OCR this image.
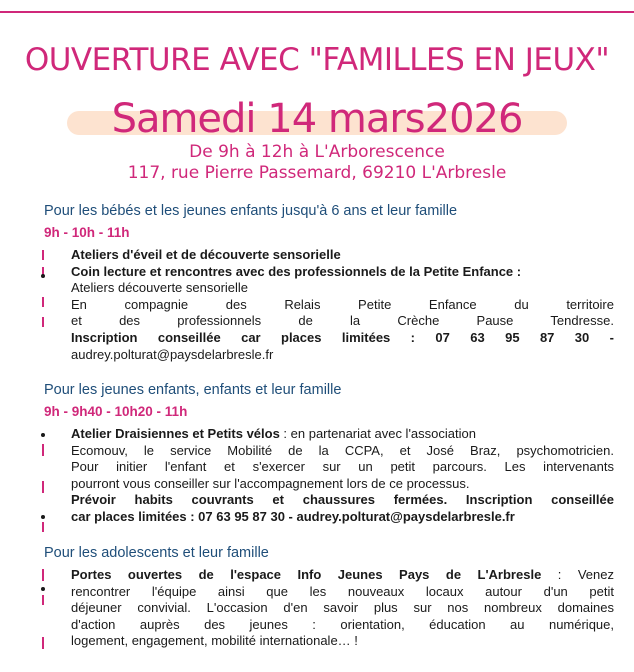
OUVERTURE AVEC "FAMILLES EN JEUX"
Samedi 14 mars2026
De 9h à 12h à L'Arborescence
117, rue Pierre Passemard, 69210 L'Arbresle
Pour les bébés et les jeunes enfants jusqu'à 6 ans et leur famille
9h - 10h - 11h
Ateliers d'éveil et de découverte sensorielle
Coin lecture et rencontres avec des professionnels de la Petite Enfance :
Ateliers découverte sensorielle
En compagnie des Relais Petite Enfance du territoire
et des professionnels de la Crèche Pause Tendresse.
Inscription conseillée car places limitées : 07 63 95 87 30 -
audrey.polturat@paysdelarbresle.fr
Pour les jeunes enfants, enfants et leur famille
9h - 9h40 - 10h20 - 11h
Atelier Draisiennes et Petits vélos : en partenariat avec l'association
Ecomouv, le service Mobilité de la CCPA, et José Braz, psychomotricien.
Pour initier l'enfant et s'exercer sur un petit parcours. Les intervenants
pourront vous conseiller sur l'accompagnement lors de ce processus.
Prévoir habits couvrants et chaussures fermées. Inscription conseillée
car places limitées : 07 63 95 87 30 - audrey.polturat@paysdelarbresle.fr
Pour les adolescents et leur famille
Portes ouvertes de l'espace Info Jeunes Pays de L'Arbresle : Venez
rencontrer l'équipe ainsi que les nouveaux locaux autour d'un petit
déjeuner convivial. L'occasion d'en savoir plus sur nos nombreux domaines
d'action auprès des jeunes : orientation, éducation au numérique,
logement, engagement, mobilité internationale… !
